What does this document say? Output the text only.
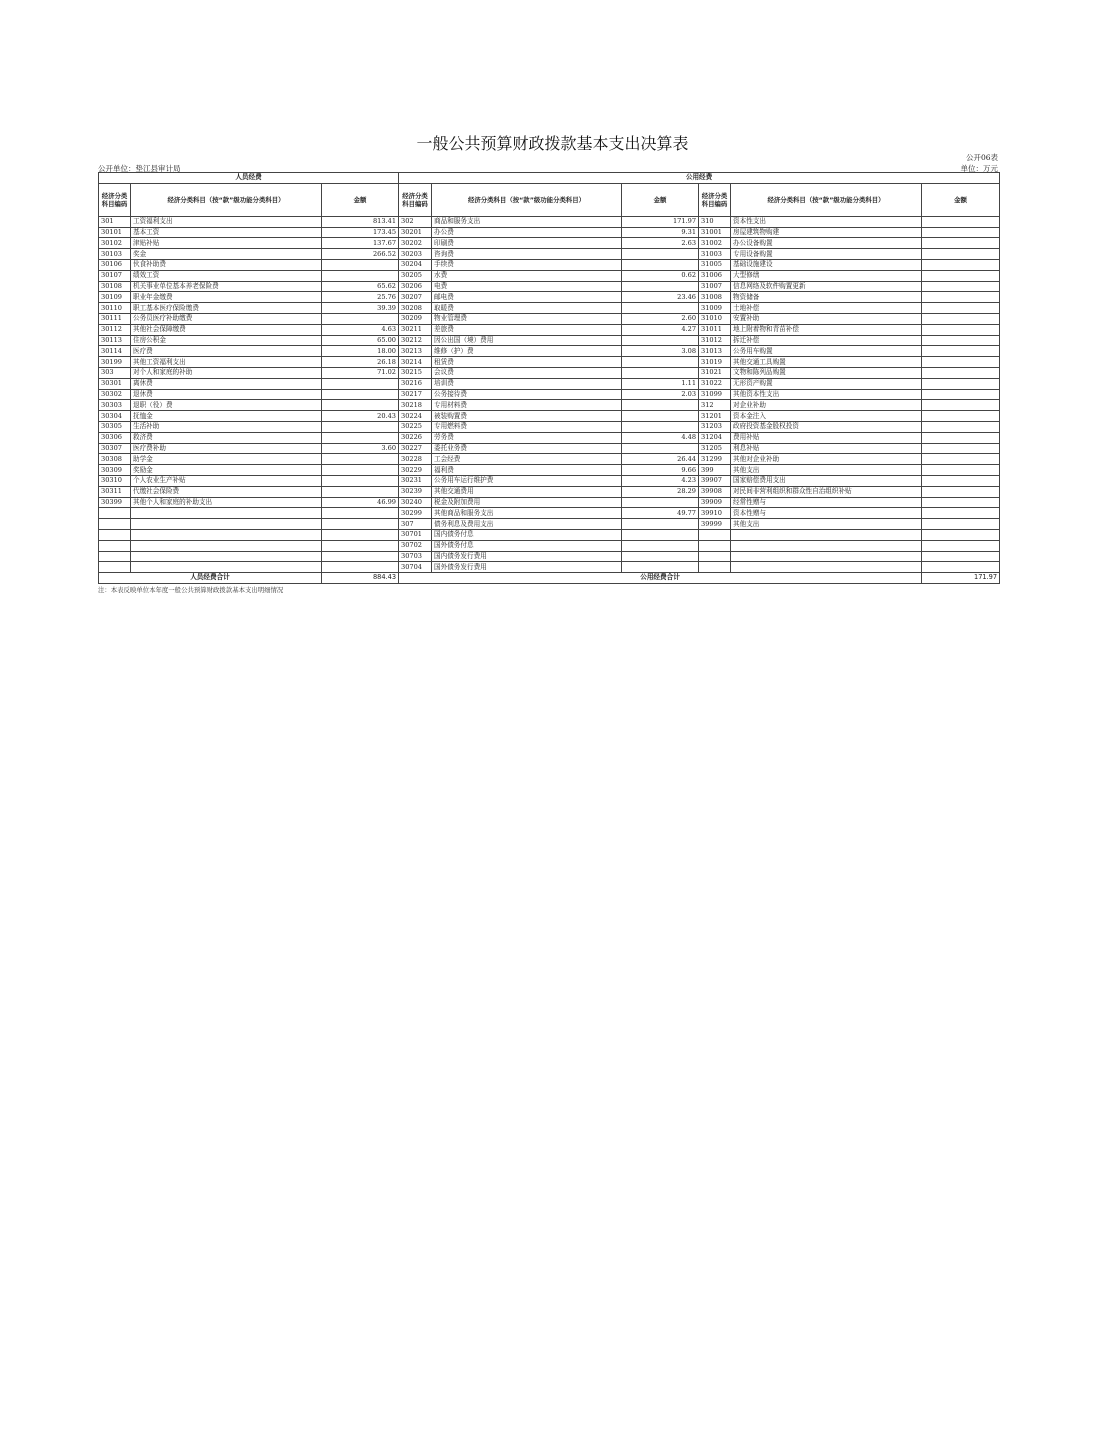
一般公共预算财政拨款基本支出决算表
公开06表
公开单位：垫江县审计局	单位：万元
人员经费			公用经费					
经济分类科目编码	经济分类科目（按“款”级功能分类科目）	金额	经济分类科目编码	经济分类科目（按“款”级功能分类科目）	金额	经济分类科目编码	经济分类科目（按“款”级功能分类科目）	金额
301	工资福利支出	813.41	302	商品和服务支出	171.97	310	资本性支出	
30101	基本工资	173.45	30201	办公费	9.31	31001	房屋建筑物购建	
30102	津贴补贴	137.67	30202	印刷费	2.63	31002	办公设备购置	
30103	奖金	266.52	30203	咨询费		31003	专用设备购置	
30106	伙食补助费		30204	手续费		31005	基础设施建设	
30107	绩效工资		30205	水费	0.62	31006	大型修缮	
30108	机关事业单位基本养老保险费	65.62	30206	电费		31007	信息网络及软件购置更新	
30109	职业年金缴费	25.76	30207	邮电费	23.46	31008	物资储备	
30110	职工基本医疗保险缴费	39.39	30208	取暖费		31009	土地补偿	
30111	公务员医疗补助缴费		30209	物业管理费	2.60	31010	安置补助	
30112	其他社会保障缴费	4.63	30211	差旅费	4.27	31011	地上附着物和青苗补偿	
30113	住房公积金	65.00	30212	因公出国（境）费用		31012	拆迁补偿	
30114	医疗费	18.00	30213	维修（护）费	3.08	31013	公务用车购置	
30199	其他工资福利支出	26.18	30214	租赁费		31019	其他交通工具购置	
303	对个人和家庭的补助	71.02	30215	会议费		31021	文物和陈列品购置	
30301	离休费		30216	培训费	1.11	31022	无形资产购置	
30302	退休费		30217	公务接待费	2.03	31099	其他资本性支出	
30303	退职（役）费		30218	专用材料费		312	对企业补助	
30304	抚恤金	20.43	30224	被装购置费		31201	资本金注入	
30305	生活补助		30225	专用燃料费		31203	政府投资基金股权投资	
30306	救济费		30226	劳务费	4.48	31204	费用补贴	
30307	医疗费补助	3.60	30227	委托业务费		31205	利息补贴	
30308	助学金		30228	工会经费	26.44	31299	其他对企业补助	
30309	奖励金		30229	福利费	9.66	399	其他支出	
30310	个人农业生产补贴		30231	公务用车运行维护费	4.23	39907	国家赔偿费用支出	
30311	代缴社会保险费		30239	其他交通费用	28.29	39908	对民间非营利组织和群众性自治组织补贴	
30399	其他个人和家庭的补助支出	46.99	30240	税金及附加费用		39909	经常性赠与	
			30299	其他商品和服务支出	49.77	39910	资本性赠与	
			307	债务利息及费用支出		39999	其他支出	
			30701	国内债务付息				
			30702	国外债务付息				
			30703	国内债务发行费用				
			30704	国外债务发行费用				
人员经费合计		884.43	公用经费合计					171.97
注：本表反映单位本年度一般公共预算财政拨款基本支出明细情况
